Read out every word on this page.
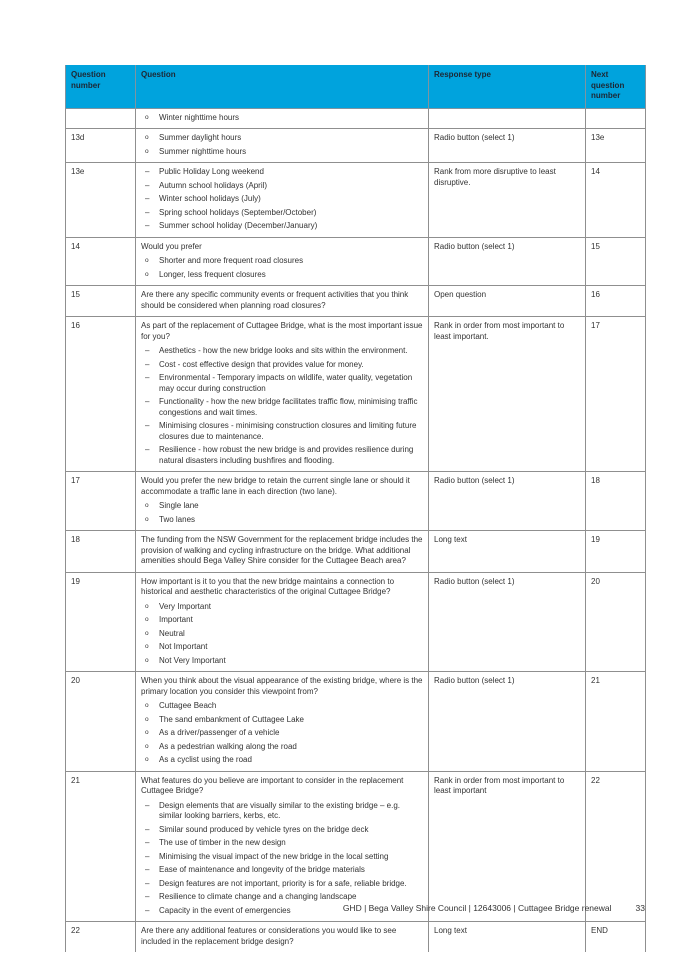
Question number	Question	Response type	Next question number

	o Winter nighttime hours		

13d	o Summer daylight hours
o Summer nighttime hours	Radio button (select 1)	13e
13e	–	Public Holiday Long weekend
–	Autumn school holidays (April)
–	Winter school holidays (July)
–	Spring school holidays (September/October)
–	Summer school holiday (December/January)
	Rank from more disruptive to least disruptive.	14
14	Would you prefer
o Shorter and more frequent road closures
o Longer, less frequent closures	Radio button (select 1)	15
15	Are there any specific community events or frequent activities that you think should be considered when planning road closures?	Open question	16
16	As part of the replacement of Cuttagee Bridge, what is the most important issue for you?
–	Aesthetics - how the new bridge looks and sits within the environment.
–	Cost - cost effective design that provides value for money.
–	Environmental - Temporary impacts on wildlife, water quality, vegetation may occur during construction
–	Functionality - how the new bridge facilitates traffic flow, minimising traffic congestions and wait times.
–	Minimising closures - minimising construction closures and limiting future closures due to maintenance.
–	Resilience - how robust the new bridge is and provides resilience during natural disasters including bushfires and flooding.
	Rank in order from most important to least important.	17
17	Would you prefer the new bridge to retain the current single lane or should it accommodate a traffic lane in each direction (two lane).
o Single lane
o Two lanes	Radio button (select 1)	18
18	The funding from the NSW Government for the replacement bridge includes the provision of walking and cycling infrastructure on the bridge. What additional amenities should Bega Valley Shire consider for the Cuttagee Beach area?	Long text	19
19	How important is it to you that the new bridge maintains a connection to historical and aesthetic characteristics of the original Cuttagee Bridge?
o	Very Important
o	Important
o	Neutral
o	Not Important
o	Not Very Important
	Radio button (select 1)	20
20	When you think about the visual appearance of the existing bridge, where is the primary location you consider this viewpoint from?
o	Cuttagee Beach
o	The sand embankment of Cuttagee Lake
o	As a driver/passenger of a vehicle
o	As a pedestrian walking along the road
o	As a cyclist using the road
	Radio button (select 1)	21
21	What features do you believe are important to consider in the replacement Cuttagee Bridge?
–	Design elements that are visually similar to the existing bridge – e.g. similar looking barriers, kerbs, etc.
–	Similar sound produced by vehicle tyres on the bridge deck
–	The use of timber in the new design
–	Minimising the visual impact of the new bridge in the local setting
–	Ease of maintenance and longevity of the bridge materials
–	Design features are not important, priority is for a safe, reliable bridge.
–	Resilience to climate change and a changing landscape
–	Capacity in the event of emergencies
	Rank in order from most important to least important	22
22	Are there any additional features or considerations you would like to see included in the replacement bridge design?	Long text	END
GHD | Bega Valley Shire Council | 12643006 | Cuttagee Bridge renewal	33
